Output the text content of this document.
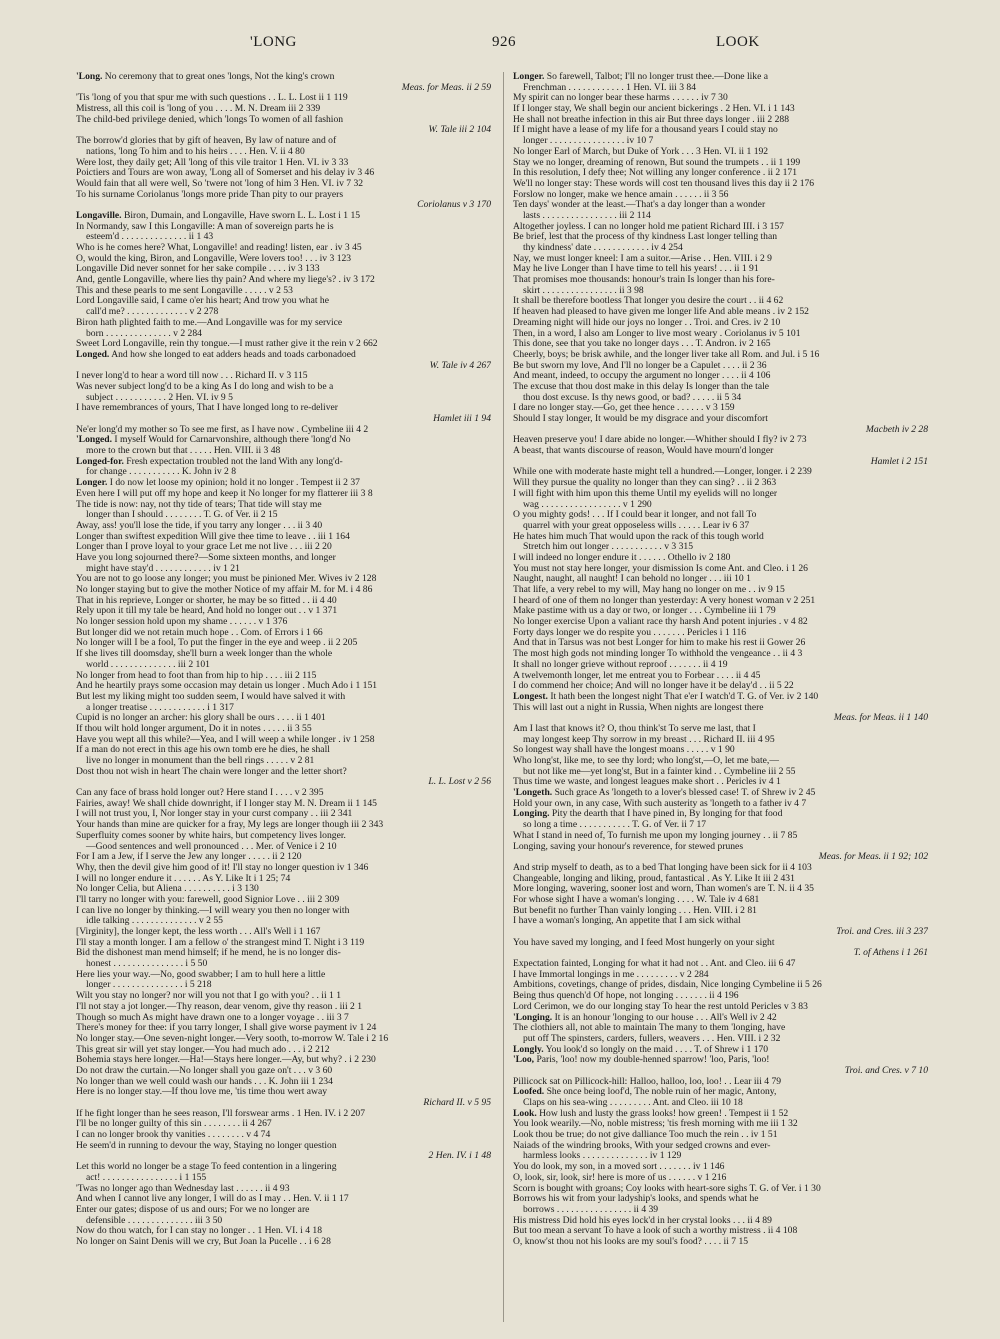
'LONG	926	LOOK
'Long. No ceremony that to great ones 'longs, Not the king's crown
Meas. for Meas. ii 2 59
'Tis 'long of you that spur me with such questions . . L. L. Lost ii 1 119
Mistress, all this coil is 'long of you . . . . M. N. Dream iii 2 339
The child-bed privilege denied, which 'longs To women of all fashion
W. Tale iii 2 104
The borrow'd glories that by gift of heaven, By law of nature and of
nations, 'long To him and to his heirs . . . . Hen. V. ii 4 80
Were lost, they daily get; All 'long of this vile traitor 1 Hen. VI. iv 3 33
Poictiers and Tours are won away, 'Long all of Somerset and his delay iv 3 46
Would fain that all were well, So 'twere not 'long of him 3 Hen. VI. iv 7 32
To his surname Coriolanus 'longs more pride Than pity to our prayers
Coriolanus v 3 170
Longaville. Biron, Dumain, and Longaville, Have sworn L. L. Lost i 1 15
In Normandy, saw I this Longaville: A man of sovereign parts he is
esteem'd . . . . . . . . . . . . . . ii 1 43
Who is he comes here? What, Longaville! and reading! listen, ear . iv 3 45
O, would the king, Biron, and Longaville, Were lovers too! . . . iv 3 123
Longaville Did never sonnet for her sake compile . . . . iv 3 133
And, gentle Longaville, where lies thy pain? And where my liege's? . iv 3 172
This and these pearls to me sent Longaville . . . . . v 2 53
Lord Longaville said, I came o'er his heart; And trow you what he
call'd me? . . . . . . . . . . . . . v 2 278
Biron hath plighted faith to me.—And Longaville was for my service
born . . . . . . . . . . . . . . v 2 284
Sweet Lord Longaville, rein thy tongue.—I must rather give it the rein v 2 662
Longed. And how she longed to eat adders heads and toads carbonadoed
W. Tale iv 4 267
I never long'd to hear a word till now . . . Richard II. v 3 115
Was never subject long'd to be a king As I do long and wish to be a
subject . . . . . . . . . . . 2 Hen. VI. iv 9 5
I have remembrances of yours, That I have longed long to re-deliver
Hamlet iii 1 94
Ne'er long'd my mother so To see me first, as I have now . Cymbeline iii 4 2
'Longed. I myself Would for Carnarvonshire, although there 'long'd No
more to the crown but that . . . . . Hen. VIII. ii 3 48
Longed-for. Fresh expectation troubled not the land With any long'd-
for change . . . . . . . . . . . K. John iv 2 8
Longer. I do now let loose my opinion; hold it no longer . Tempest ii 2 37
Even here I will put off my hope and keep it No longer for my flatterer iii 3 8
The tide is now: nay, not thy tide of tears; That tide will stay me
longer than I should . . . . . . . . T. G. of Ver. ii 2 15
Away, ass! you'll lose the tide, if you tarry any longer . . . ii 3 40
Longer than swiftest expedition Will give thee time to leave . . iii 1 164
Longer than I prove loyal to your grace Let me not live . . . iii 2 20
Have you long sojourned there?—Some sixteen months, and longer
might have stay'd . . . . . . . . . . . . iv 1 21
You are not to go loose any longer; you must be pinioned Mer. Wives iv 2 128
No longer staying but to give the mother Notice of my affair M. for M. i 4 86
That in his reprieve, Longer or shorter, he may be so fitted . . ii 4 40
Rely upon it till my tale be heard, And hold no longer out . . v 1 371
No longer session hold upon my shame . . . . . . v 1 376
But longer did we not retain much hope . . Com. of Errors i 1 66
No longer will I be a fool, To put the finger in the eye and weep . ii 2 205
If she lives till doomsday, she'll burn a week longer than the whole
world . . . . . . . . . . . . . . iii 2 101
No longer from head to foot than from hip to hip . . . . iii 2 115
And he heartily prays some occasion may detain us longer . Much Ado i 1 151
But lest my liking might too sudden seem, I would have salved it with
a longer treatise . . . . . . . . . . . . i 1 317
Cupid is no longer an archer: his glory shall be ours . . . . ii 1 401
If thou wilt hold longer argument, Do it in notes . . . . . ii 3 55
Have you wept all this while?—Yea, and I will weep a while longer . iv 1 258
If a man do not erect in this age his own tomb ere he dies, he shall
live no longer in monument than the bell rings . . . . . v 2 81
Dost thou not wish in heart The chain were longer and the letter short?
L. L. Lost v 2 56
Can any face of brass hold longer out? Here stand I . . . . v 2 395
Fairies, away! We shall chide downright, if I longer stay M. N. Dream ii 1 145
I will not trust you, I, Nor longer stay in your curst company . . iii 2 341
Your hands than mine are quicker for a fray, My legs are longer though iii 2 343
Superfluity comes sooner by white hairs, but competency lives longer.
—Good sentences and well pronounced . . . Mer. of Venice i 2 10
For I am a Jew, if I serve the Jew any longer . . . . . ii 2 120
Why, then the devil give him good of it! I'll stay no longer question iv 1 346
I will no longer endure it . . . . . . As Y. Like It i 1 25; 74
No longer Celia, but Aliena . . . . . . . . . . i 3 130
I'll tarry no longer with you: farewell, good Signior Love . . iii 2 309
I can live no longer by thinking.—I will weary you then no longer with
idle talking . . . . . . . . . . . . . . v 2 55
[Virginity], the longer kept, the less worth . . . All's Well i 1 167
I'll stay a month longer. I am a fellow o' the strangest mind T. Night i 3 119
Bid the dishonest man mend himself; if he mend, he is no longer dis-
honest . . . . . . . . . . . . . . . i 5 50
Here lies your way.—No, good swabber; I am to hull here a little
longer . . . . . . . . . . . . . . . i 5 218
Wilt you stay no longer? nor will you not that I go with you? . . ii 1 1
I'll not stay a jot longer.—Thy reason, dear venom, give thy reason . iii 2 1
Though so much As might have drawn one to a longer voyage . . iii 3 7
There's money for thee: if you tarry longer, I shall give worse payment iv 1 24
No longer stay.—One seven-night longer.—Very sooth, to-morrow W. Tale i 2 16
This great sir will yet stay longer.—You had much ado . . . i 2 212
Bohemia stays here longer.—Ha!—Stays here longer.—Ay, but why? . i 2 230
Do not draw the curtain.—No longer shall you gaze on't . . . v 3 60
No longer than we well could wash our hands . . . K. John iii 1 234
Here is no longer stay.—If thou love me, 'tis time thou wert away
Richard II. v 5 95
If he fight longer than he sees reason, I'll forswear arms . 1 Hen. IV. i 2 207
I'll be no longer guilty of this sin . . . . . . . . ii 4 267
I can no longer brook thy vanities . . . . . . . . v 4 74
He seem'd in running to devour the way, Staying no longer question
2 Hen. IV. i 1 48
Let this world no longer be a stage To feed contention in a lingering
act! . . . . . . . . . . . . . . . . i 1 155
'Twas no longer ago than Wednesday last . . . . . . ii 4 93
And when I cannot live any longer, I will do as I may . . Hen. V. ii 1 17
Enter our gates; dispose of us and ours; For we no longer are
defensible . . . . . . . . . . . . . . iii 3 50
Now do thou watch, for I can stay no longer . . 1 Hen. VI. i 4 18
No longer on Saint Denis will we cry, But Joan la Pucelle . . i 6 28
Longer. So farewell, Talbot; I'll no longer trust thee.—Done like a
Frenchman . . . . . . . . . . . . 1 Hen. VI. iii 3 84
My spirit can no longer bear these harms . . . . . . iv 7 30
If I longer stay, We shall begin our ancient bickerings . 2 Hen. VI. i 1 143
He shall not breathe infection in this air But three days longer . iii 2 288
If I might have a lease of my life for a thousand years I could stay no
longer . . . . . . . . . . . . . . . . iv 10 7
No longer Earl of March, but Duke of York . . . 3 Hen. VI. ii 1 192
Stay we no longer, dreaming of renown, But sound the trumpets . . ii 1 199
In this resolution, I defy thee; Not willing any longer conference . ii 2 171
We'll no longer stay: These words will cost ten thousand lives this day ii 2 176
Forslow no longer, make we hence amain . . . . . . ii 3 56
Ten days' wonder at the least.—That's a day longer than a wonder
lasts . . . . . . . . . . . . . . . . iii 2 114
Altogether joyless. I can no longer hold me patient Richard III. i 3 157
Be brief, lest that the process of thy kindness Last longer telling than
thy kindness' date . . . . . . . . . . . . iv 4 254
Nay, we must longer kneel: I am a suitor.—Arise . . Hen. VIII. i 2 9
May he live Longer than I have time to tell his years! . . . ii 1 91
That promises moe thousands: honour's train Is longer than his fore-
skirt . . . . . . . . . . . . . . . . ii 3 98
It shall be therefore bootless That longer you desire the court . . ii 4 62
If heaven had pleased to have given me longer life And able means . iv 2 152
Dreaming night will hide our joys no longer . . Troi. and Cres. iv 2 10
Then, in a word, I also am Longer to live most weary . Coriolanus iv 5 101
This done, see that you take no longer days . . . T. Andron. iv 2 165
Cheerly, boys; be brisk awhile, and the longer liver take all Rom. and Jul. i 5 16
Be but sworn my love, And I'll no longer be a Capulet . . . . ii 2 36
And meant, indeed, to occupy the argument no longer . . . . ii 4 106
The excuse that thou dost make in this delay Is longer than the tale
thou dost excuse. Is thy news good, or bad? . . . . . ii 5 34
I dare no longer stay.—Go, get thee hence . . . . . . v 3 159
Should I stay longer, It would be my disgrace and your discomfort
Macbeth iv 2 28
Heaven preserve you! I dare abide no longer.—Whither should I fly? iv 2 73
A beast, that wants discourse of reason, Would have mourn'd longer
Hamlet i 2 151
While one with moderate haste might tell a hundred.—Longer, longer. i 2 239
Will they pursue the quality no longer than they can sing? . . ii 2 363
I will fight with him upon this theme Until my eyelids will no longer
wag . . . . . . . . . . . . . . . . . v 1 290
O you mighty gods! . . . If I could bear it longer, and not fall To
quarrel with your great opposeless wills . . . . . Lear iv 6 37
He hates him much That would upon the rack of this tough world
Stretch him out longer . . . . . . . . . . . v 3 315
I will indeed no longer endure it . . . . . . Othello iv 2 180
You must not stay here longer, your dismission Is come Ant. and Cleo. i 1 26
Naught, naught, all naught! I can behold no longer . . . iii 10 1
That life, a very rebel to my will, May hang no longer on me . . iv 9 15
I heard of one of them no longer than yesterday: A very honest woman v 2 251
Make pastime with us a day or two, or longer . . . Cymbeline iii 1 79
No longer exercise Upon a valiant race thy harsh And potent injuries . v 4 82
Forty days longer we do respite you . . . . . . . Pericles i 1 116
And that in Tarsus was not best Longer for him to make his rest ii Gower 26
The most high gods not minding longer To withhold the vengeance . . ii 4 3
It shall no longer grieve without reproof . . . . . . . ii 4 19
A twelvemonth longer, let me entreat you to Forbear . . . . ii 4 45
I do commend her choice; And will no longer have it be delay'd . . ii 5 22
Longest. It hath been the longest night That e'er I watch'd T. G. of Ver. iv 2 140
This will last out a night in Russia, When nights are longest there
Meas. for Meas. ii 1 140
Am I last that knows it? O, thou think'st To serve me last, that I
may longest keep Thy sorrow in my breast . . . Richard II. iii 4 95
So longest way shall have the longest moans . . . . . v 1 90
Who long'st, like me, to see thy lord; who long'st,—O, let me bate,—
but not like me—yet long'st, But in a fainter kind . . Cymbeline iii 2 55
Thus time we waste, and longest leagues make short . . Pericles iv 4 1
'Longeth. Such grace As 'longeth to a lover's blessed case! T. of Shrew iv 2 45
Hold your own, in any case, With such austerity as 'longeth to a father iv 4 7
Longing. Pity the dearth that I have pined in, By longing for that food
so long a time . . . . . . . . . . . T. G. of Ver. ii 7 17
What I stand in need of, To furnish me upon my longing journey . . ii 7 85
Longing, saving your honour's reverence, for stewed prunes
Meas. for Meas. ii 1 92; 102
And strip myself to death, as to a bed That longing have been sick for ii 4 103
Changeable, longing and liking, proud, fantastical . As Y. Like It iii 2 431
More longing, wavering, sooner lost and worn, Than women's are T. N. ii 4 35
For whose sight I have a woman's longing . . . . W. Tale iv 4 681
But benefit no further Than vainly longing . . . Hen. VIII. i 2 81
I have a woman's longing, An appetite that I am sick withal
Troi. and Cres. iii 3 237
You have saved my longing, and I feed Most hungerly on your sight
T. of Athens i 1 261
Expectation fainted, Longing for what it had not . . Ant. and Cleo. iii 6 47
I have Immortal longings in me . . . . . . . . . v 2 284
Ambitions, covetings, change of prides, disdain, Nice longing Cymbeline ii 5 26
Being thus quench'd Of hope, not longing . . . . . . . ii 4 196
Lord Cerimon, we do our longing stay To hear the rest untold Pericles v 3 83
'Longing. It is an honour 'longing to our house . . . All's Well iv 2 42
The clothiers all, not able to maintain The many to them 'longing, have
put off The spinsters, carders, fullers, weavers . . . Hen. VIII. i 2 32
Longly. You look'd so longly on the maid . . . . T. of Shrew i 1 170
'Loo, Paris, 'loo! now my double-henned sparrow! 'loo, Paris, 'loo!
Troi. and Cres. v 7 10
Pillicock sat on Pillicock-hill: Halloo, halloo, loo, loo! . . Lear iii 4 79
Loofed. She once being loof'd, The noble ruin of her magic, Antony,
Claps on his sea-wing . . . . . . . . . Ant. and Cleo. iii 10 18
Look. How lush and lusty the grass looks! how green! . Tempest ii 1 52
You look wearily.—No, noble mistress; 'tis fresh morning with me iii 1 32
Look thou be true; do not give dalliance Too much the rein . . iv 1 51
Naiads of the windring brooks, With your sedged crowns and ever-
harmless looks . . . . . . . . . . . . . . iv 1 129
You do look, my son, in a moved sort . . . . . . . iv 1 146
O, look, sir, look, sir! here is more of us . . . . . . v 1 216
Scorn is bought with groans; Coy looks with heart-sore sighs T. G. of Ver. i 1 30
Borrows his wit from your ladyship's looks, and spends what he
borrows . . . . . . . . . . . . . . . . ii 4 39
His mistress Did hold his eyes lock'd in her crystal looks . . . ii 4 89
But too mean a servant To have a look of such a worthy mistress . ii 4 108
O, know'st thou not his looks are my soul's food? . . . . ii 7 15
